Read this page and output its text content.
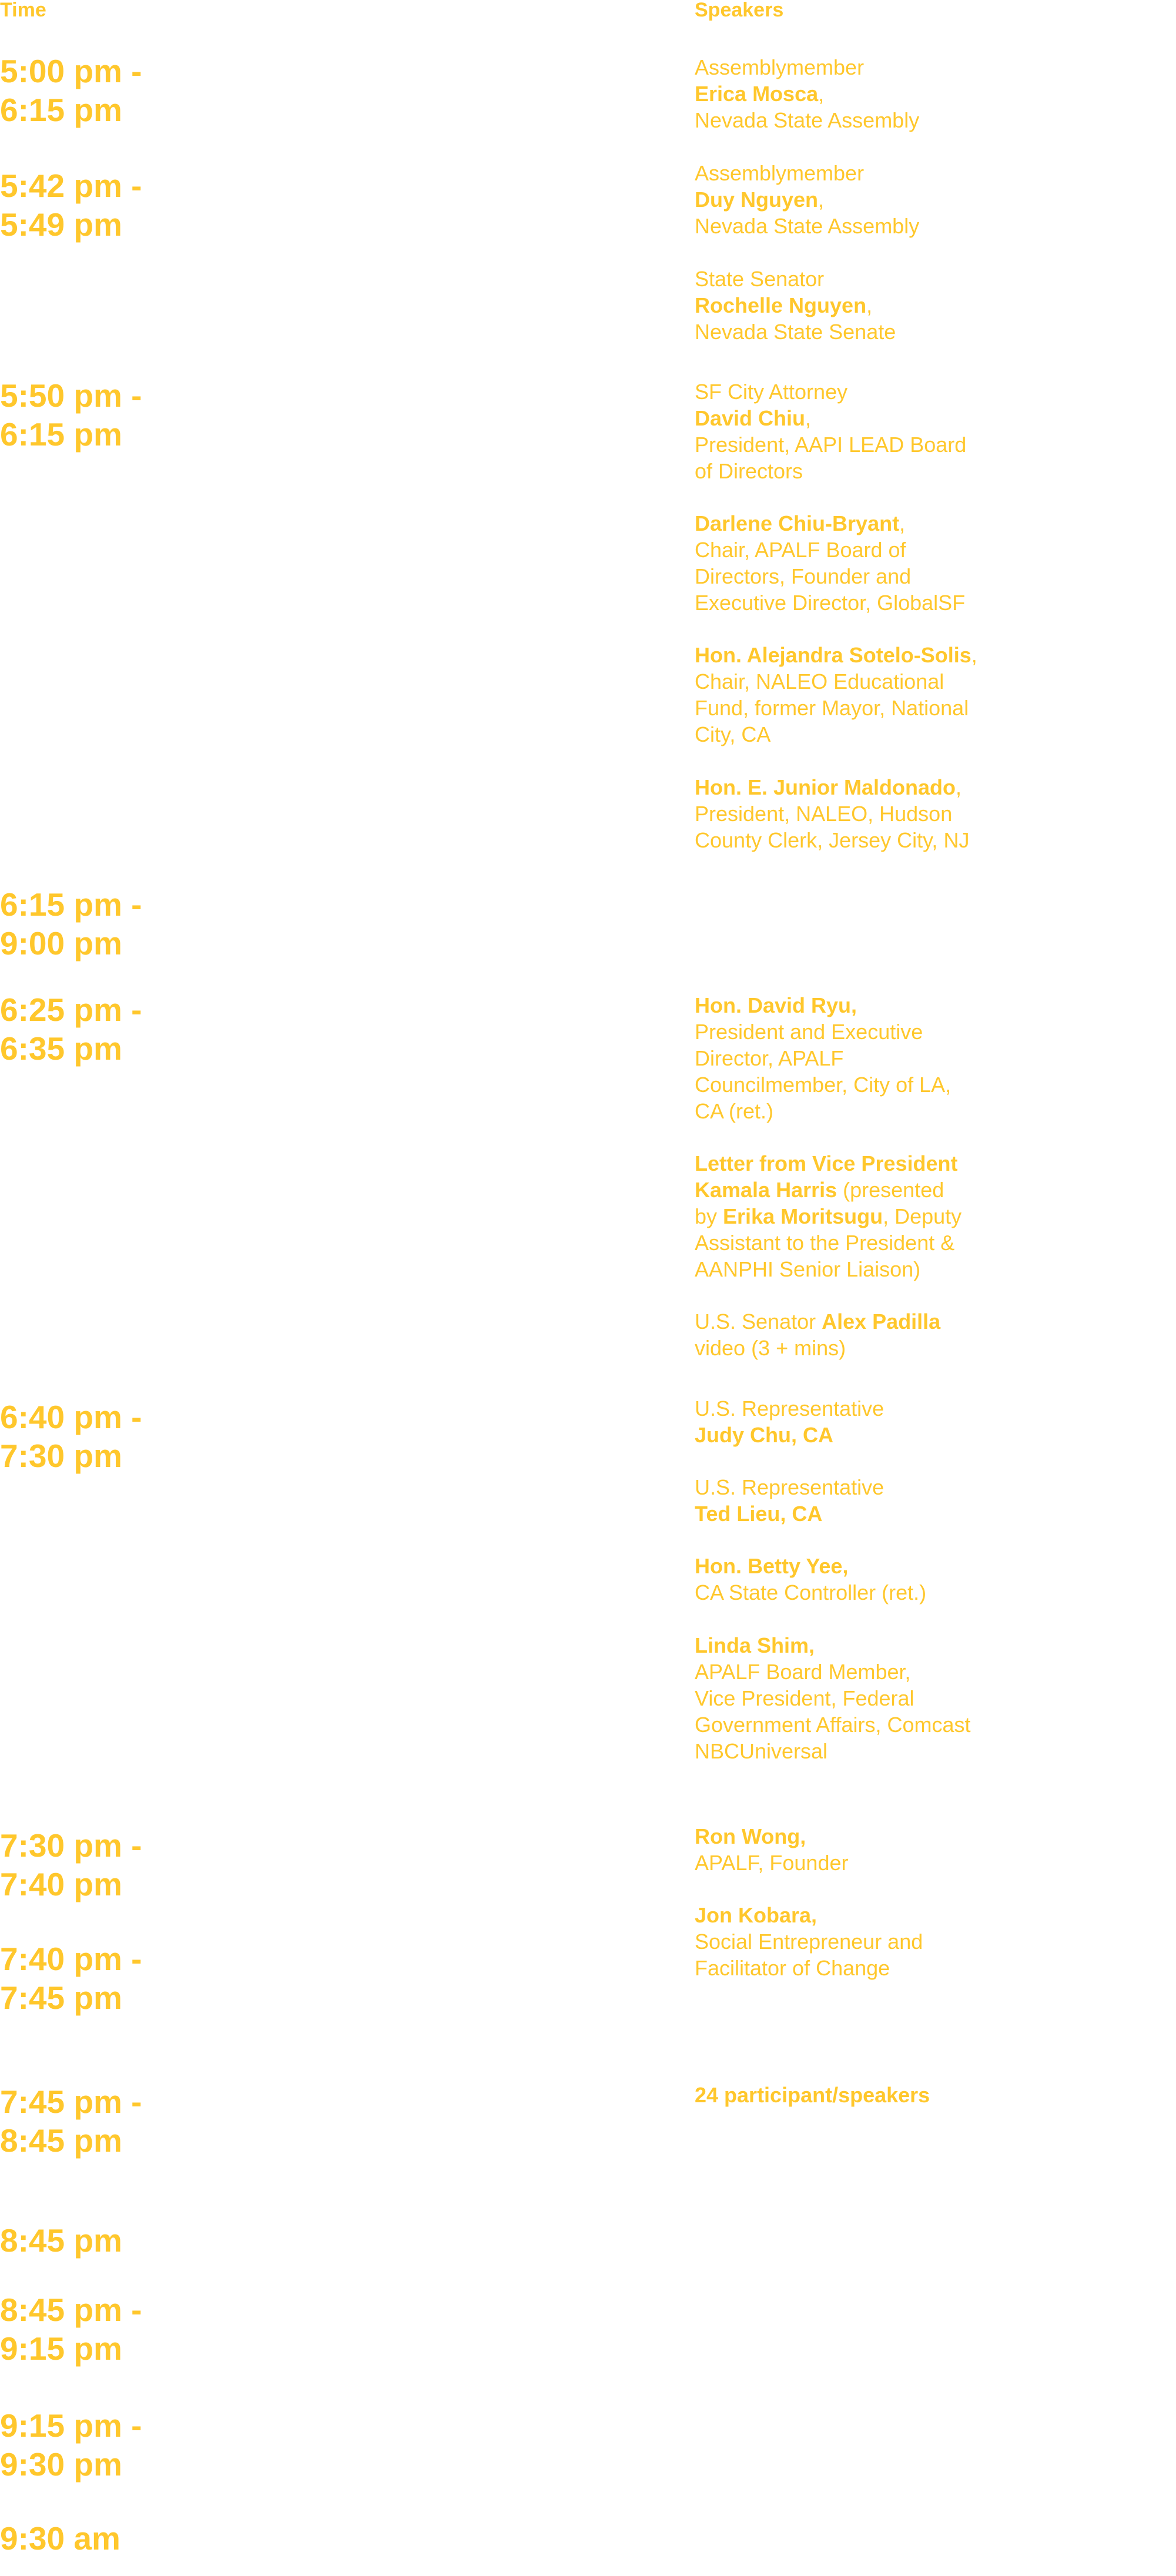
Time	Speakers
5:00 pm -
6:15 pm
5:42 pm -
5:49 pm
5:50 pm -
6:15 pm
6:15 pm -
9:00 pm
6:25 pm -
6:35 pm
6:40 pm -
7:30 pm
7:30 pm -
7:40 pm
7:40 pm -
7:45 pm
7:45 pm -
8:45 pm
8:45 pm
8:45 pm -
9:15 pm
9:15 pm -
9:30 pm
9:30 am
Assemblymember
Erica Mosca,
Nevada State Assembly
Assemblymember
Duy Nguyen,
Nevada State Assembly
State Senator
Rochelle Nguyen,
Nevada State Senate
SF City Attorney
David Chiu,
President, AAPI LEAD Board
of Directors
Darlene Chiu-Bryant,
Chair, APALF Board of
Directors, Founder and
Executive Director, GlobalSF
Hon. Alejandra Sotelo-Solis,
Chair, NALEO Educational
Fund, former Mayor, National
City, CA
Hon. E. Junior Maldonado,
President, NALEO, Hudson
County Clerk, Jersey City, NJ
Hon. David Ryu,
President and Executive
Director, APALF
Councilmember, City of LA,
CA (ret.)
Letter from Vice President
Kamala Harris (presented
by Erika Moritsugu, Deputy
Assistant to the President &
AANPHI Senior Liaison)
U.S. Senator Alex Padilla
video (3 + mins)
U.S. Representative
Judy Chu, CA
U.S. Representative
Ted Lieu, CA
Hon. Betty Yee,
CA State Controller (ret.)
Linda Shim,
APALF Board Member,
Vice President, Federal
Government Affairs, Comcast
NBCUniversal
Ron Wong,
APALF, Founder
Jon Kobara,
Social Entrepreneur and
Facilitator of Change
24 participant/speakers
